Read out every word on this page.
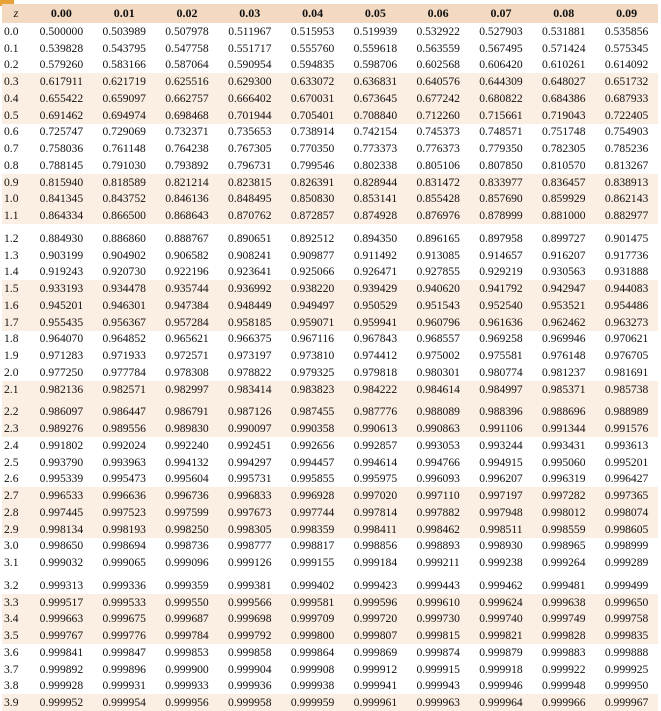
z	0.00	0.01	0.02	0.03	0.04	0.05	0.06	0.07	0.08	0.09
0.0	0.500000	0.503989	0.507978	0.511967	0.515953	0.519939	0.532922	0.527903	0.531881	0.535856
0.1	0.539828	0.543795	0.547758	0.551717	0.555760	0.559618	0.563559	0.567495	0.571424	0.575345
0.2	0.579260	0.583166	0.587064	0.590954	0.594835	0.598706	0.602568	0.606420	0.610261	0.614092
0.3	0.617911	0.621719	0.625516	0.629300	0.633072	0.636831	0.640576	0.644309	0.648027	0.651732
0.4	0.655422	0.659097	0.662757	0.666402	0.670031	0.673645	0.677242	0.680822	0.684386	0.687933
0.5	0.691462	0.694974	0.698468	0.701944	0.705401	0.708840	0.712260	0.715661	0.719043	0.722405
0.6	0.725747	0.729069	0.732371	0.735653	0.738914	0.742154	0.745373	0.748571	0.751748	0.754903
0.7	0.758036	0.761148	0.764238	0.767305	0.770350	0.773373	0.776373	0.779350	0.782305	0.785236
0.8	0.788145	0.791030	0.793892	0.796731	0.799546	0.802338	0.805106	0.807850	0.810570	0.813267
0.9	0.815940	0.818589	0.821214	0.823815	0.826391	0.828944	0.831472	0.833977	0.836457	0.838913
1.0	0.841345	0.843752	0.846136	0.848495	0.850830	0.853141	0.855428	0.857690	0.859929	0.862143
1.1	0.864334	0.866500	0.868643	0.870762	0.872857	0.874928	0.876976	0.878999	0.881000	0.882977
1.2	0.884930	0.886860	0.888767	0.890651	0.892512	0.894350	0.896165	0.897958	0.899727	0.901475
1.3	0.903199	0.904902	0.906582	0.908241	0.909877	0.911492	0.913085	0.914657	0.916207	0.917736
1.4	0.919243	0.920730	0.922196	0.923641	0.925066	0.926471	0.927855	0.929219	0.930563	0.931888
1.5	0.933193	0.934478	0.935744	0.936992	0.938220	0.939429	0.940620	0.941792	0.942947	0.944083
1.6	0.945201	0.946301	0.947384	0.948449	0.949497	0.950529	0.951543	0.952540	0.953521	0.954486
1.7	0.955435	0.956367	0.957284	0.958185	0.959071	0.959941	0.960796	0.961636	0.962462	0.963273
1.8	0.964070	0.964852	0.965621	0.966375	0.967116	0.967843	0.968557	0.969258	0.969946	0.970621
1.9	0.971283	0.971933	0.972571	0.973197	0.973810	0.974412	0.975002	0.975581	0.976148	0.976705
2.0	0.977250	0.977784	0.978308	0.978822	0.979325	0.979818	0.980301	0.980774	0.981237	0.981691
2.1	0.982136	0.982571	0.982997	0.983414	0.983823	0.984222	0.984614	0.984997	0.985371	0.985738
2.2	0.986097	0.986447	0.986791	0.987126	0.987455	0.987776	0.988089	0.988396	0.988696	0.988989
2.3	0.989276	0.989556	0.989830	0.990097	0.990358	0.990613	0.990863	0.991106	0.991344	0.991576
2.4	0.991802	0.992024	0.992240	0.992451	0.992656	0.992857	0.993053	0.993244	0.993431	0.993613
2.5	0.993790	0.993963	0.994132	0.994297	0.994457	0.994614	0.994766	0.994915	0.995060	0.995201
2.6	0.995339	0.995473	0.995604	0.995731	0.995855	0.995975	0.996093	0.996207	0.996319	0.996427
2.7	0.996533	0.996636	0.996736	0.996833	0.996928	0.997020	0.997110	0.997197	0.997282	0.997365
2.8	0.997445	0.997523	0.997599	0.997673	0.997744	0.997814	0.997882	0.997948	0.998012	0.998074
2.9	0.998134	0.998193	0.998250	0.998305	0.998359	0.998411	0.998462	0.998511	0.998559	0.998605
3.0	0.998650	0.998694	0.998736	0.998777	0.998817	0.998856	0.998893	0.998930	0.998965	0.998999
3.1	0.999032	0.999065	0.999096	0.999126	0.999155	0.999184	0.999211	0.999238	0.999264	0.999289
3.2	0.999313	0.999336	0.999359	0.999381	0.999402	0.999423	0.999443	0.999462	0.999481	0.999499
3.3	0.999517	0.999533	0.999550	0.999566	0.999581	0.999596	0.999610	0.999624	0.999638	0.999650
3.4	0.999663	0.999675	0.999687	0.999698	0.999709	0.999720	0.999730	0.999740	0.999749	0.999758
3.5	0.999767	0.999776	0.999784	0.999792	0.999800	0.999807	0.999815	0.999821	0.999828	0.999835
3.6	0.999841	0.999847	0.999853	0.999858	0.999864	0.999869	0.999874	0.999879	0.999883	0.999888
3.7	0.999892	0.999896	0.999900	0.999904	0.999908	0.999912	0.999915	0.999918	0.999922	0.999925
3.8	0.999928	0.999931	0.999933	0.999936	0.999938	0.999941	0.999943	0.999946	0.999948	0.999950
3.9	0.999952	0.999954	0.999956	0.999958	0.999959	0.999961	0.999963	0.999964	0.999966	0.999967
